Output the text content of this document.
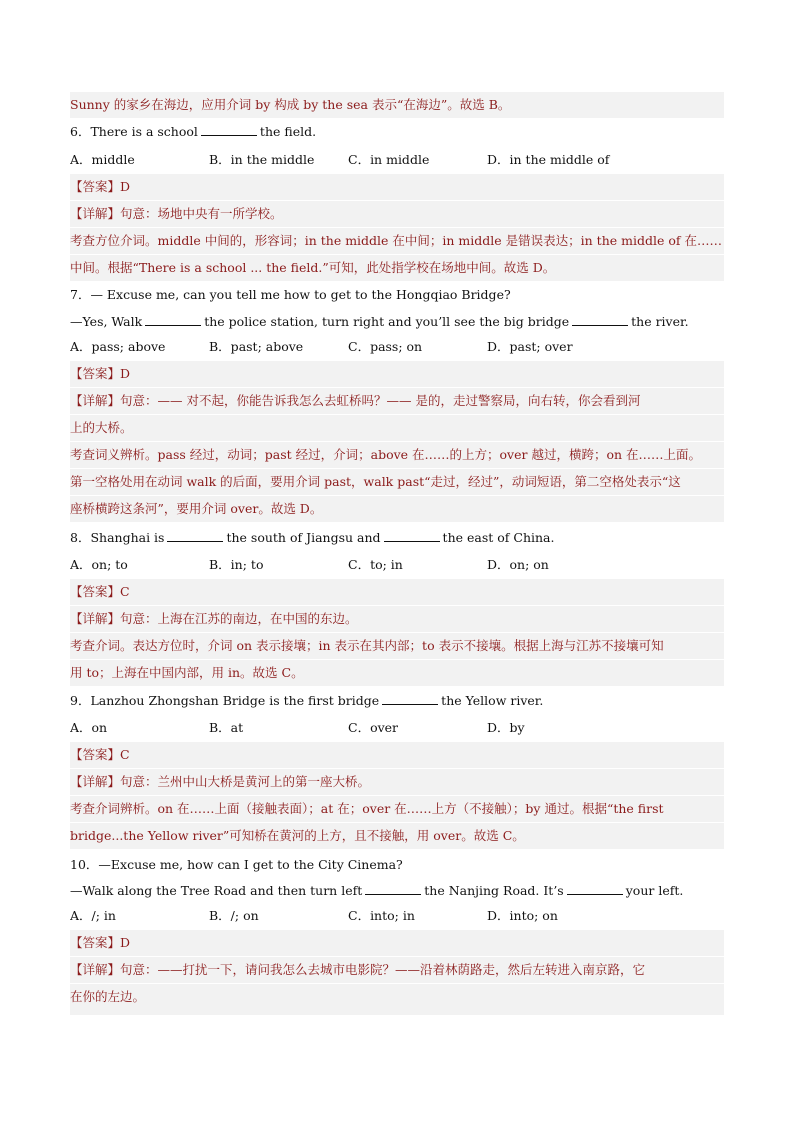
Sunny 的家乡在海边，应用介词 by 构成 by the sea 表示“在海边”。故选 B。
6．There is a school	the field.
A．middle	B．in the middle	C．in middle	D．in the middle of
【答案】D
【详解】句意：场地中央有一所学校。
考查方位介词。middle 中间的，形容词；in the middle 在中间；in middle 是错误表达；in the middle of 在……
中间。根据“There is a school ... the field.”可知，此处指学校在场地中间。故选 D。
7．— Excuse me, can you tell me how to get to the Hongqiao Bridge?
—Yes, Walk	the police station, turn right and you’ll see the big bridge	the river.
A．pass; above	B．past; above	C．pass; on	D．past; over
【答案】D
【详解】句意：—— 对不起，你能告诉我怎么去虹桥吗？—— 是的，走过警察局，向右转，你会看到河
上的大桥。
考查词义辨析。pass 经过，动词；past 经过，介词；above 在……的上方；over 越过，横跨；on 在……上面。
第一空格处用在动词 walk 的后面，要用介词 past，walk past“走过，经过”，动词短语，第二空格处表示“这
座桥横跨这条河”，要用介词 over。故选 D。
8．Shanghai is	the south of Jiangsu and	the east of China.
A．on; to	B．in; to	C．to; in	D．on; on
【答案】C
【详解】句意：上海在江苏的南边，在中国的东边。
考查介词。表达方位时，介词 on 表示接壤；in 表示在其内部；to 表示不接壤。根据上海与江苏不接壤可知
用 to；上海在中国内部，用 in。故选 C。
9．Lanzhou Zhongshan Bridge is the first bridge	the Yellow river.
A．on	B．at	C．over	D．by
【答案】C
【详解】句意：兰州中山大桥是黄河上的第一座大桥。
考查介词辨析。on 在……上面（接触表面）；at 在；over 在……上方（不接触）；by 通过。根据“the first
bridge...the Yellow river”可知桥在黄河的上方，且不接触，用 over。故选 C。
10．—Excuse me, how can I get to the City Cinema?
—Walk along the Tree Road and then turn left	the Nanjing Road. It’s	your left.
A．/; in	B．/; on	C．into; in	D．into; on
【答案】D
【详解】句意：——打扰一下，请问我怎么去城市电影院？——沿着林荫路走，然后左转进入南京路，它
在你的左边。
